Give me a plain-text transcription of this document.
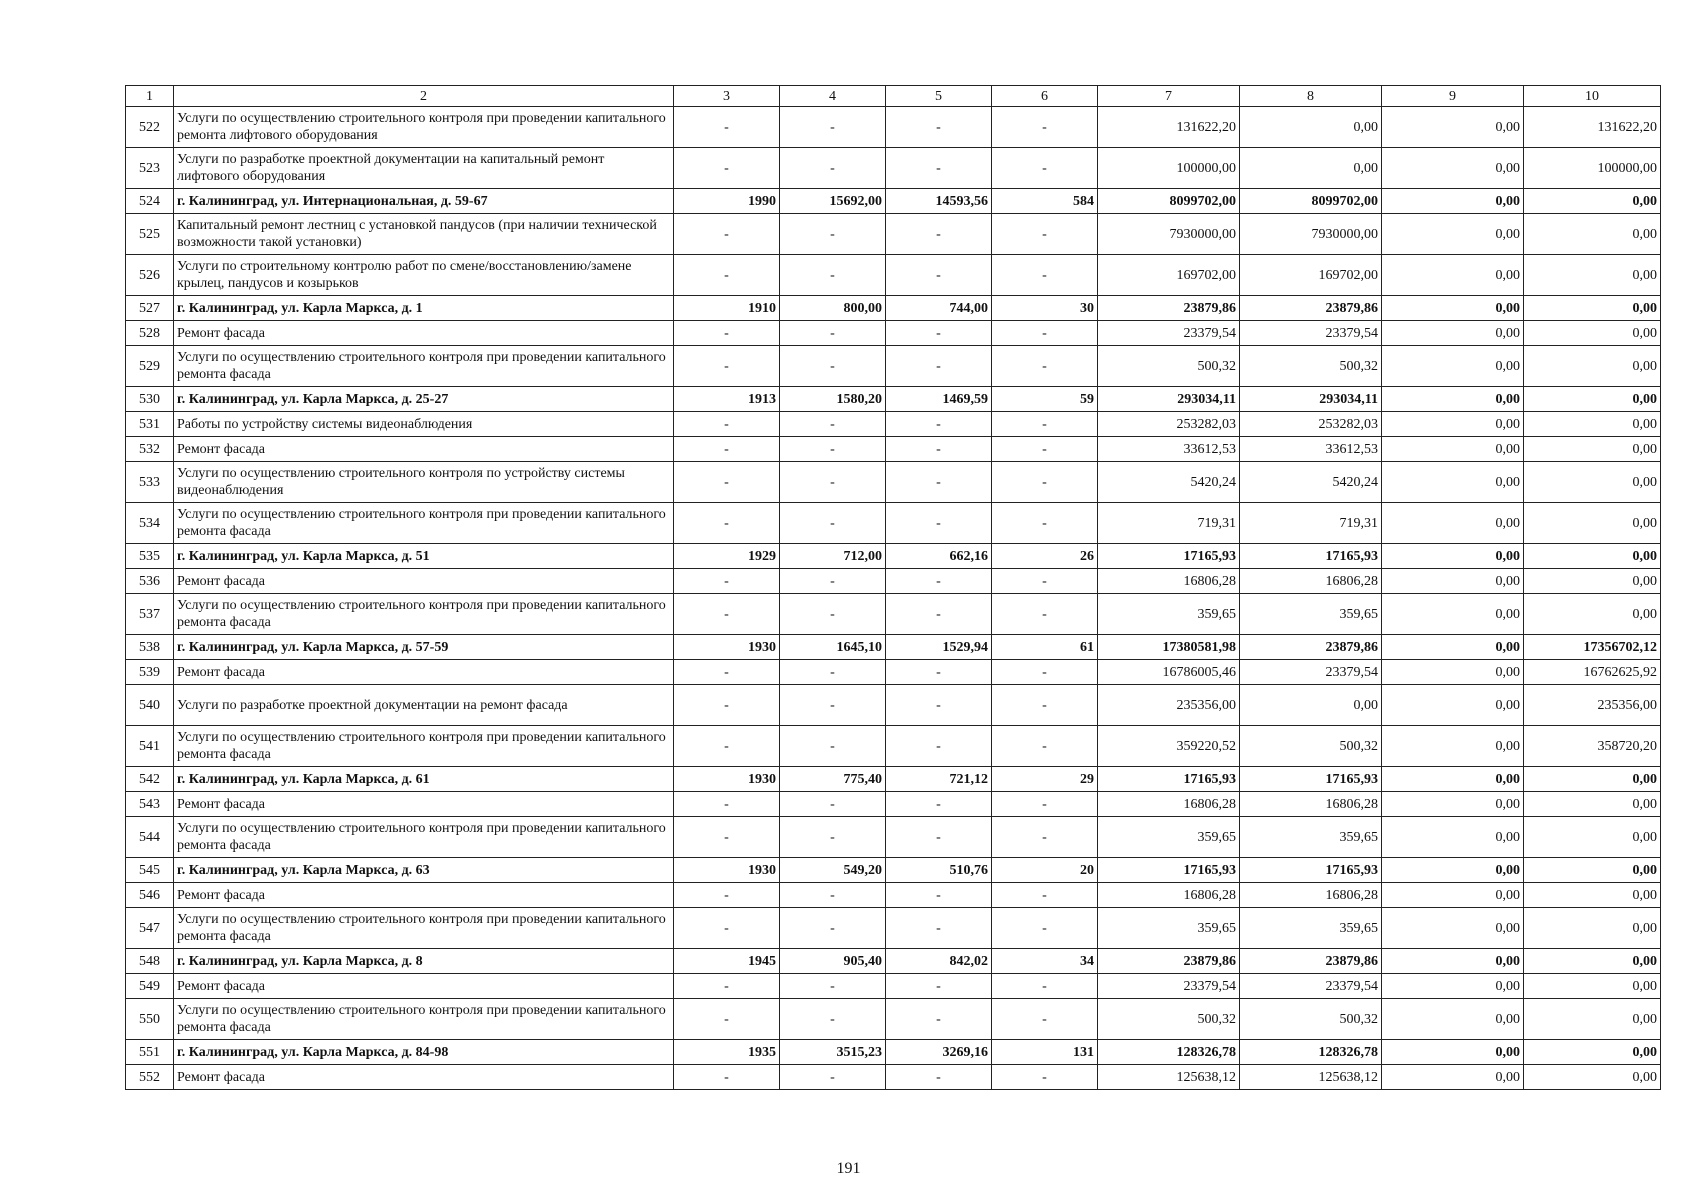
1	2	3	4	5	6	7	8	9	10
522	Услуги по осуществлению строительного контроля при проведении капитального ремонта лифтового оборудования	-	-	-	-	131622,20	0,00	0,00	131622,20
523	Услуги по разработке проектной документации на капитальный ремонт лифтового оборудования	-	-	-	-	100000,00	0,00	0,00	100000,00
524	г. Калининград, ул. Интернациональная, д. 59-67	1990	15692,00	14593,56	584	8099702,00	8099702,00	0,00	0,00
525	Капитальный ремонт лестниц с установкой пандусов (при наличии технической возможности такой установки)	-	-	-	-	7930000,00	7930000,00	0,00	0,00
526	Услуги по строительному контролю работ по смене/восстановлению/замене крылец, пандусов и козырьков	-	-	-	-	169702,00	169702,00	0,00	0,00
527	г. Калининград, ул. Карла Маркса, д. 1	1910	800,00	744,00	30	23879,86	23879,86	0,00	0,00
528	Ремонт фасада	-	-	-	-	23379,54	23379,54	0,00	0,00
529	Услуги по осуществлению строительного контроля при проведении капитального ремонта фасада	-	-	-	-	500,32	500,32	0,00	0,00
530	г. Калининград, ул. Карла Маркса, д. 25-27	1913	1580,20	1469,59	59	293034,11	293034,11	0,00	0,00
531	Работы по устройству системы видеонаблюдения	-	-	-	-	253282,03	253282,03	0,00	0,00
532	Ремонт фасада	-	-	-	-	33612,53	33612,53	0,00	0,00
533	Услуги по осуществлению строительного контроля по устройству системы видеонаблюдения	-	-	-	-	5420,24	5420,24	0,00	0,00
534	Услуги по осуществлению строительного контроля при проведении капитального ремонта фасада	-	-	-	-	719,31	719,31	0,00	0,00
535	г. Калининград, ул. Карла Маркса, д. 51	1929	712,00	662,16	26	17165,93	17165,93	0,00	0,00
536	Ремонт фасада	-	-	-	-	16806,28	16806,28	0,00	0,00
537	Услуги по осуществлению строительного контроля при проведении капитального ремонта фасада	-	-	-	-	359,65	359,65	0,00	0,00
538	г. Калининград, ул. Карла Маркса, д. 57-59	1930	1645,10	1529,94	61	17380581,98	23879,86	0,00	17356702,12
539	Ремонт фасада	-	-	-	-	16786005,46	23379,54	0,00	16762625,92
540	Услуги по разработке проектной документации на ремонт фасада	-	-	-	-	235356,00	0,00	0,00	235356,00
541	Услуги по осуществлению строительного контроля при проведении капитального ремонта фасада	-	-	-	-	359220,52	500,32	0,00	358720,20
542	г. Калининград, ул. Карла Маркса, д. 61	1930	775,40	721,12	29	17165,93	17165,93	0,00	0,00
543	Ремонт фасада	-	-	-	-	16806,28	16806,28	0,00	0,00
544	Услуги по осуществлению строительного контроля при проведении капитального ремонта фасада	-	-	-	-	359,65	359,65	0,00	0,00
545	г. Калининград, ул. Карла Маркса, д. 63	1930	549,20	510,76	20	17165,93	17165,93	0,00	0,00
546	Ремонт фасада	-	-	-	-	16806,28	16806,28	0,00	0,00
547	Услуги по осуществлению строительного контроля при проведении капитального ремонта фасада	-	-	-	-	359,65	359,65	0,00	0,00
548	г. Калининград, ул. Карла Маркса, д. 8	1945	905,40	842,02	34	23879,86	23879,86	0,00	0,00
549	Ремонт фасада	-	-	-	-	23379,54	23379,54	0,00	0,00
550	Услуги по осуществлению строительного контроля при проведении капитального ремонта фасада	-	-	-	-	500,32	500,32	0,00	0,00
551	г. Калининград, ул. Карла Маркса, д. 84-98	1935	3515,23	3269,16	131	128326,78	128326,78	0,00	0,00
552	Ремонт фасада	-	-	-	-	125638,12	125638,12	0,00	0,00
191
